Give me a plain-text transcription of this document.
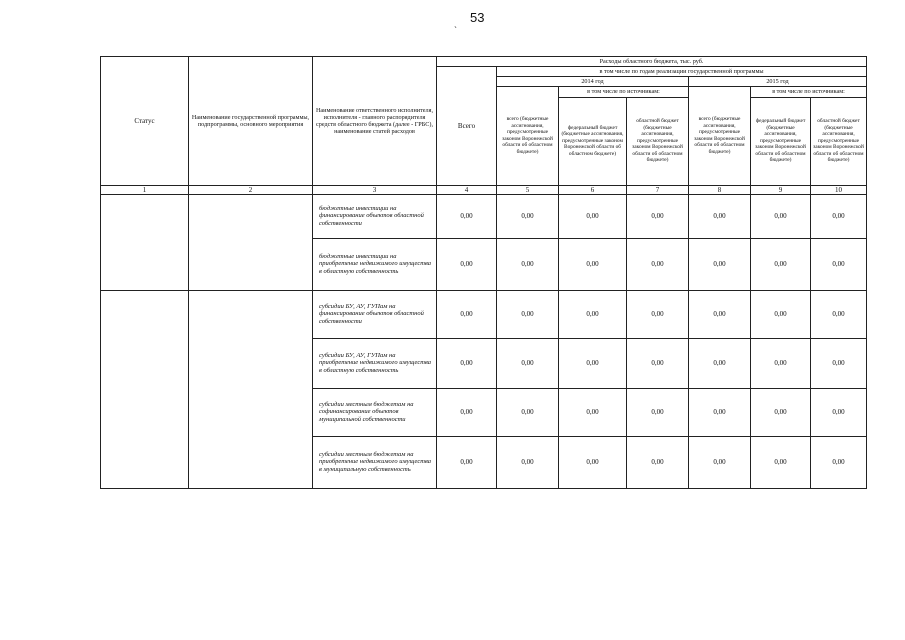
53
`
Статус	Наименование государственной программы, подпрограммы, основного мероприятия	Наименование ответственного исполнителя, исполнителя - главного распорядителя средств областного бюджета (далее - ГРБС), наименование статей расходов	Расходы областного бюджета, тыс. руб.						
			Всего	в том числе по годам реализации государственной программы					
				2014 год			2015 год		
				всего (бюджетные ассигнования, предусмотренные законом Воронежской области об областном бюджете)	в том числе по источникам:		всего (бюджетные ассигнования, предусмотренные законом Воронежской области об областном бюджете)	в том числе по источникам:	
					федеральный бюджет (бюджетные ассигнования, предусмотренные законом Воронежской области об областном бюджете)	областной бюджет (бюджетные ассигнования, предусмотренные законом Воронежской области об областном бюджете)		федеральный бюджет (бюджетные ассигнования, предусмотренные законом Воронежской области об областном бюджете)	областной бюджет (бюджетные ассигнования, предусмотренные законом Воронежской области об областном бюджете)
1	2	3	4	5	6	7	8	9	10
		бюджетные инвестиции на финансирование объектов областной собственности	0,00	0,00	0,00	0,00	0,00	0,00	0,00
		бюджетные инвестиции на приобретение недвижимого имущества в областную собственность	0,00	0,00	0,00	0,00	0,00	0,00	0,00
		субсидии БУ, АУ, ГУПам на финансирование объектов областной собственности	0,00	0,00	0,00	0,00	0,00	0,00	0,00
		субсидии БУ, АУ, ГУПам на приобретение недвижимого имущества в областную собственность	0,00	0,00	0,00	0,00	0,00	0,00	0,00
		субсидии местным бюджетам на софинансирование объектов муниципальной собственности	0,00	0,00	0,00	0,00	0,00	0,00	0,00
		субсидии местным бюджетам на приобретение недвижимого имущества в муниципальную собственность	0,00	0,00	0,00	0,00	0,00	0,00	0,00
